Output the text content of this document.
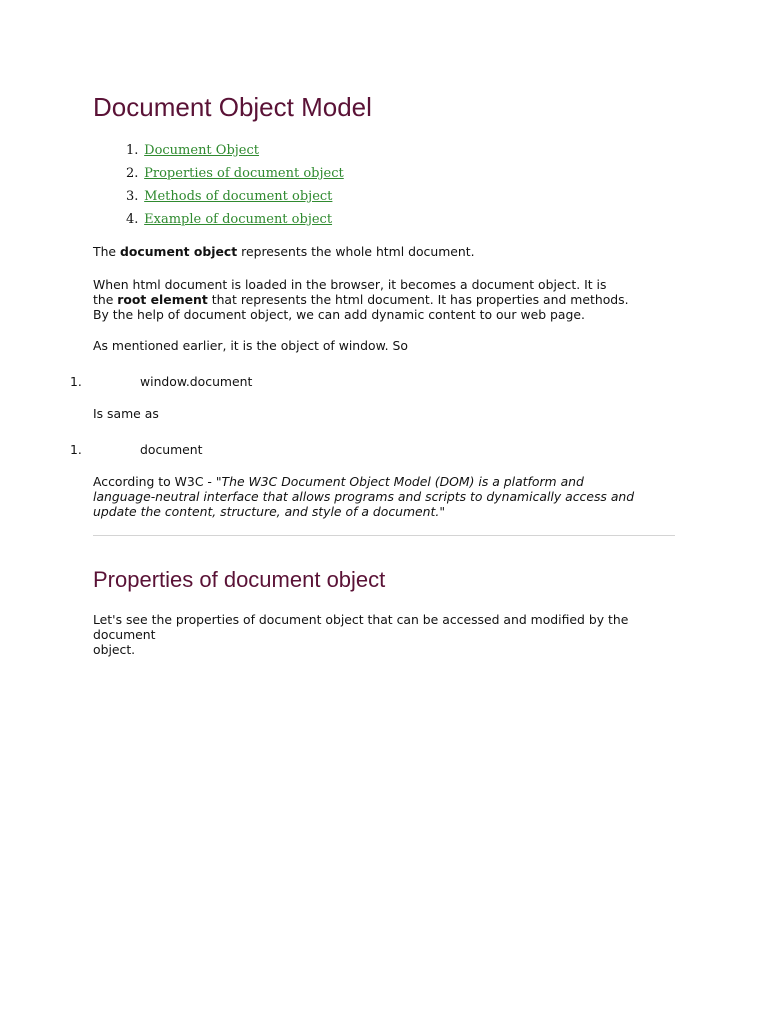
Document Object Model
1. Document Object
2. Properties of document object
3. Methods of document object
4. Example of document object

The document object represents the whole html document.

When html document is loaded in the browser, it becomes a document object. It is
the root element that represents the html document. It has properties and methods.
By the help of document object, we can add dynamic content to our web page.

As mentioned earlier, it is the object of window. So

1.	window.document

Is same as

1.	document

According to W3C - "The W3C Document Object Model (DOM) is a platform and
language-neutral interface that allows programs and scripts to dynamically access and
update the content, structure, and style of a document."

Properties of document object

Let's see the properties of document object that can be accessed and modified by the
document
object.
